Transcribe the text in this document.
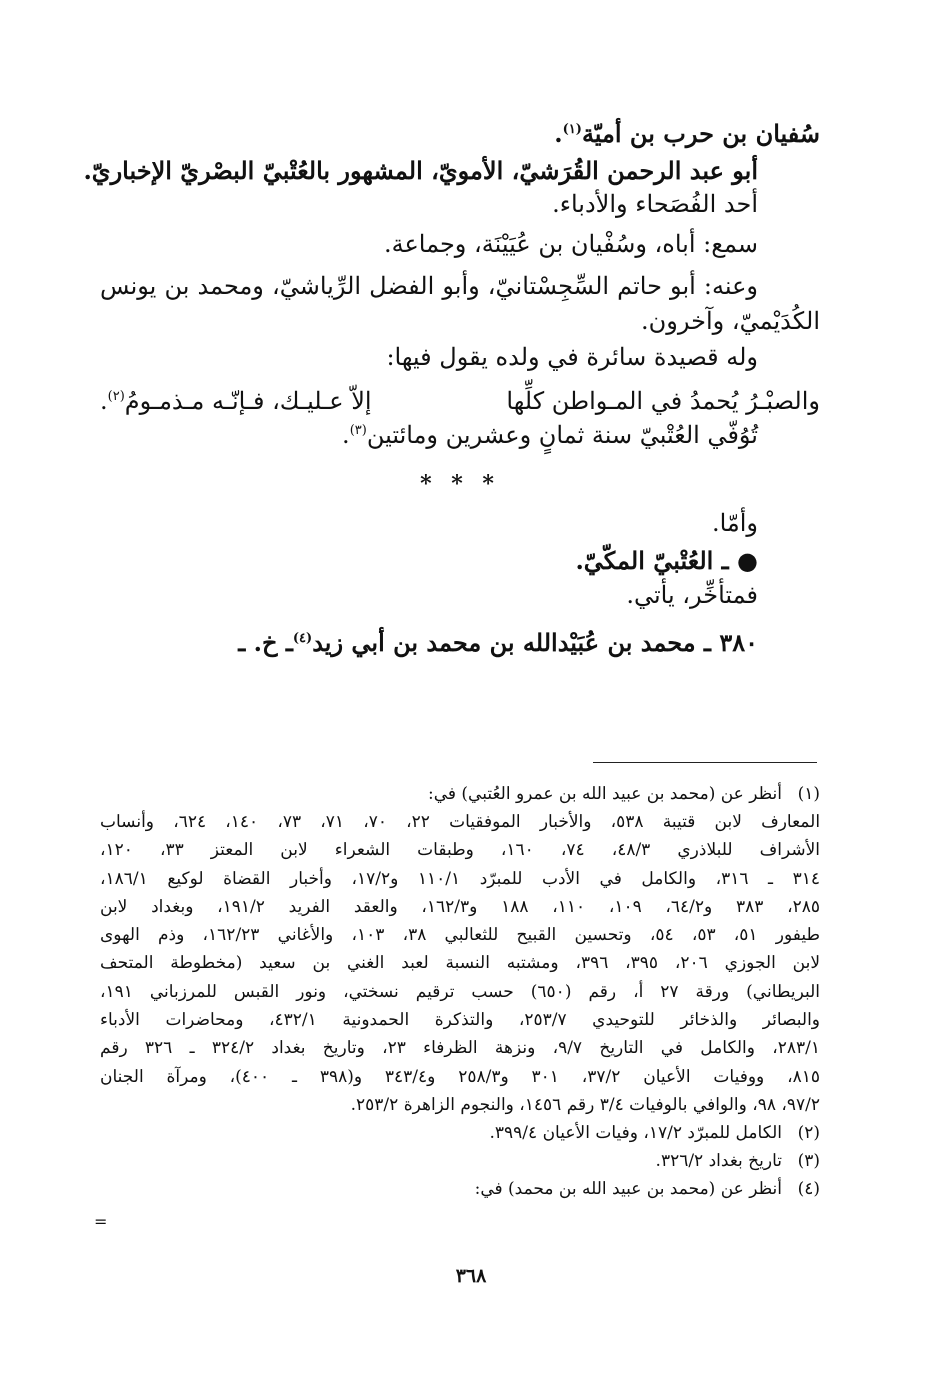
سُفيان بن حرب بن أميّة$^{(١)}$.
أبو عبد الرحمن القُرَشيّ، الأمويّ، المشهور بالعُتْبيّ البصْريّ الإخباريّ.
أحد الفُصَحاء والأدباء.
سمع: أباه، وسُفْيان بن عُيَيْنَة، وجماعة.
وعنه: أبو حاتم السِّجِسْتانيّ، وأبو الفضل الرِّياشيّ، ومحمد بن يونس
الكُدَيْميّ، وآخرون.
وله قصيدة سائرة في ولده يقول فيها:
والصبْـرُ يُحمدُ في المـواطن كلِّها
إلاّ عـليـك، فـإنّـه مـذمـومُ$^{(٢)}$.
تُوُفّي العُتْبيّ سنة ثمانٍ وعشرين ومائتين$^{(٣)}$.
* * *
وأمّا.
● ـ العُتْبيّ المكّيّ.
فمتأخِّر، يأتي.
٣٨٠ ـ محمد بن عُبَيْدالله بن محمد بن أبي زيد$^{(٤)}$ـ خ. ـ
(١)
أنظر عن (محمد بن عبيد الله بن عمرو العُتبي) في:
المعارف لابن قتيبة ٥٣٨، والأخبار الموفقيات ٢٢، ٧٠، ٧١، ٧٣، ١٤٠، ٦٢٤، وأنساب
الأشراف للبلاذري ٤٨/٣، ٧٤، ١٦٠، وطبقات الشعراء لابن المعتز ٣٣، ١٢٠،
٣١٤ ـ ٣١٦، والكامل في الأدب للمبرّد ١١٠/١ و١٧/٢، وأخبار القضاة لوكيع ١٨٦/١،
٢٨٥، ٣٨٣ و٦٤/٢، ١٠٩، ١١٠، ١٨٨ و١٦٢/٣، والعقد الفريد ١٩١/٢، وبغداد لابن
طيفور ٥١، ٥٣، ٥٤، وتحسين القبيح للثعالبي ٣٨، ١٠٣، والأغاني ١٦٢/٢٣، وذم الهوى
لابن الجوزي ٢٠٦، ٣٩٥، ٣٩٦، ومشتبه النسبة لعبد الغني بن سعيد (مخطوطة المتحف
البريطاني) ورقة ٢٧ أ، رقم (٦٥٠) حسب ترقيم نسختي، ونور القبس للمرزباني ١٩١،
والبصائر والذخائر للتوحيدي ٢٥٣/٧، والتذكرة الحمدونية ٤٣٢/١، ومحاضرات الأدباء
٢٨٣/١، والكامل في التاريخ ٩/٧، ونزهة الظرفاء ٢٣، وتاريخ بغداد ٣٢٤/٢ ـ ٣٢٦ رقم
٨١٥، ووفيات الأعيان ٣٧/٢، ٣٠١ و٢٥٨/٣ و٣٤٣/٤ و(٣٩٨ ـ ٤٠٠)، ومرآة الجنان
٩٧/٢، ٩٨، والوافي بالوفيات ٣/٤ رقم ١٤٥٦، والنجوم الزاهرة ٢٥٣/٢.
(٢)
الكامل للمبرّد ١٧/٢، وفيات الأعيان ٣٩٩/٤.
(٣)
تاريخ بغداد ٣٢٦/٢.
(٤)
أنظر عن (محمد بن عبيد الله بن محمد) في:
=
٣٦٨
